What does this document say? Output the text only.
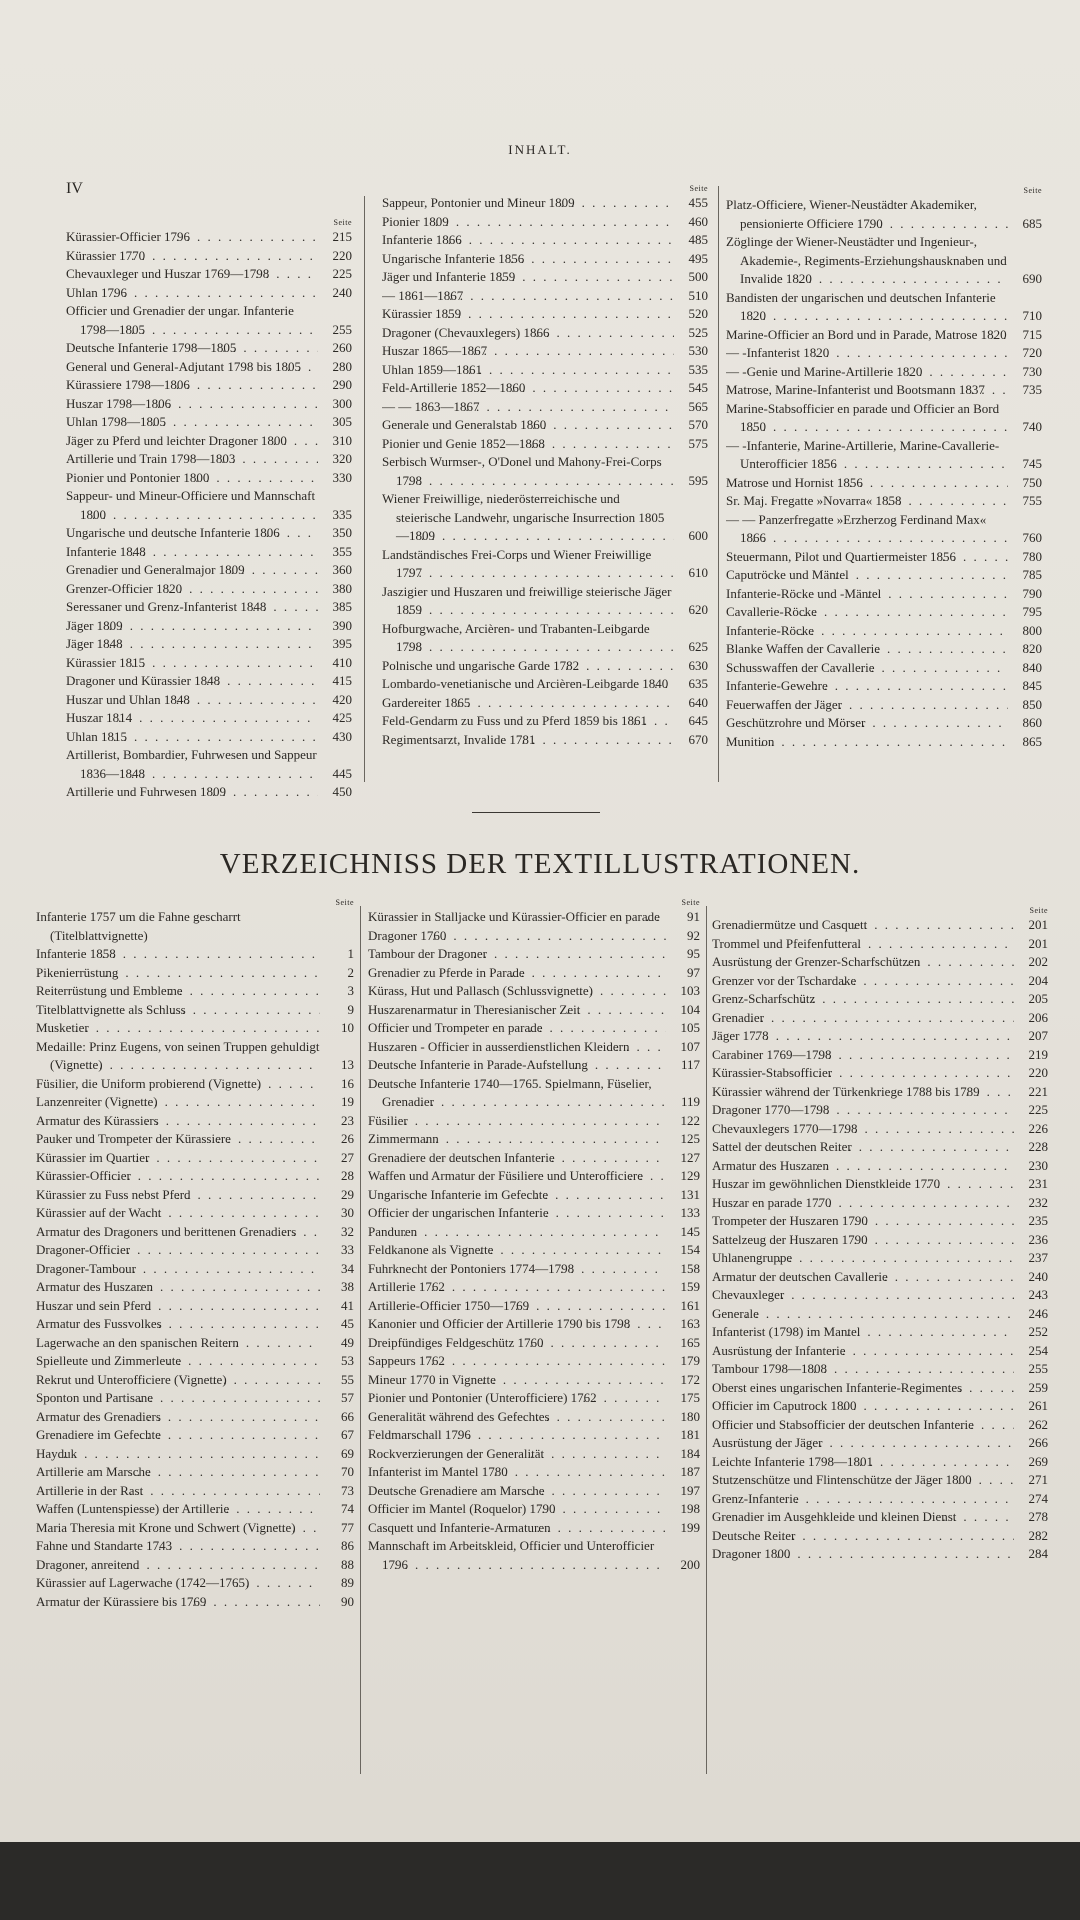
INHALT.
IV
Seite
Kürassier-Officier 1796 . . .	215
Kürassier 1770 . . .	220
Chevauxleger und Huszar 1769—1798 . . .	225
Uhlan 1796 . . .	240
Officier und Grenadier der ungar. Infanterie 1798—1805 . . .	255
Deutsche Infanterie 1798—1805 . . .	260
General und General-Adjutant 1798 bis 1805 . . .	280
Kürassiere 1798—1806 . . .	290
Huszar 1798—1806 . . .	300
Uhlan 1798—1805 . . .	305
Jäger zu Pferd und leichter Dragoner 1800 . . .	310
Artillerie und Train 1798—1803 . . .	320
Pionier und Pontonier 1800 . . .	330
Sappeur- und Mineur-Officiere und Mannschaft 1800 . . .	335
Ungarische und deutsche Infanterie 1806 . . .	350
Infanterie 1848 . . .	355
Grenadier und Generalmajor 1809 . . .	360
Grenzer-Officier 1820 . . .	380
Seressaner und Grenz-Infanterist 1848 . . .	385
Jäger 1809 . . .	390
Jäger 1848 . . .	395
Kürassier 1815 . . .	410
Dragoner und Kürassier 1848 . . .	415
Huszar und Uhlan 1848 . . .	420
Huszar 1814 . . .	425
Uhlan 1815 . . .	430
Artillerist, Bombardier, Fuhrwesen und Sappeur 1836—1848 . . .	445
Artillerie und Fuhrwesen 1809 . . .	450
Seite
Sappeur, Pontonier und Mineur 1809 . . .	455
Pionier 1809 . . .	460
Infanterie 1866 . . .	485
Ungarische Infanterie 1856 . . .	495
Jäger und Infanterie 1859 . . .	500
— 1861—1867 . . .	510
Kürassier 1859 . . .	520
Dragoner (Chevauxlegers) 1866 . . .	525
Huszar 1865—1867 . . .	530
Uhlan 1859—1861 . . .	535
Feld-Artillerie 1852—1860 . . .	545
— — 1863—1867 . . .	565
Generale und Generalstab 1860 . . .	570
Pionier und Genie 1852—1868 . . .	575
Serbisch Wurmser-, O'Donel und Mahony-Frei-Corps 1798 . . .	595
Wiener Freiwillige, niederösterreichische und steierische Landwehr, ungarische Insurrection 1805—1809 . . .	600
Landständisches Frei-Corps und Wiener Freiwillige 1797 . . .	610
Jaszigier und Huszaren und freiwillige steierische Jäger 1859 . . .	620
Hofburgwache, Arcièren- und Trabanten-Leibgarde 1798 . . .	625
Polnische und ungarische Garde 1782 . . .	630
Lombardo-venetianische und Arcièren-Leibgarde 1840 . . .	635
Gardereiter 1865 . . .	640
Feld-Gendarm zu Fuss und zu Pferd 1859 bis 1861 . . .	645
Regimentsarzt, Invalide 1781 . . .	670
Seite
Platz-Officiere, Wiener-Neustädter Akademiker, pensionierte Officiere 1790 . . .	685
Zöglinge der Wiener-Neustädter und Ingenieur-, Akademie-, Regiments-Erziehungshausknaben und Invalide 1820 . . .	690
Bandisten der ungarischen und deutschen Infanterie 1820 . . .	710
Marine-Officier an Bord und in Parade, Matrose 1820 . . .	715
— -Infanterist 1820 . . .	720
— -Genie und Marine-Artillerie 1820 . . .	730
Matrose, Marine-Infanterist und Bootsmann 1837 . . .	735
Marine-Stabsofficier en parade und Officier an Bord 1850 . . .	740
— -Infanterie, Marine-Artillerie, Marine-Cavallerie-Unterofficier 1856 . . .	745
Matrose und Hornist 1856 . . .	750
Sr. Maj. Fregatte »Novarra« 1858 . . .	755
— — Panzerfregatte »Erzherzog Ferdinand Max« 1866 . . .	760
Steuermann, Pilot und Quartiermeister 1856 . . .	780
Caputröcke und Mäntel . . .	785
Infanterie-Röcke und -Mäntel . . .	790
Cavallerie-Röcke . . .	795
Infanterie-Röcke . . .	800
Blanke Waffen der Cavallerie . . .	820
Schusswaffen der Cavallerie . . .	840
Infanterie-Gewehre . . .	845
Feuerwaffen der Jäger . . .	850
Geschützrohre und Mörser . . .	860
Munition . . .	865
VERZEICHNISS DER TEXTILLUSTRATIONEN.
Seite
Infanterie 1757 um die Fahne gescharrt (Titelblattvignette)
Infanterie 1858 . . .	1
Pikenierrüstung . . .	2
Reiterrüstung und Embleme . . .	3
Titelblattvignette als Schluss . . .	9
Musketier . . .	10
Medaille: Prinz Eugens, von seinen Truppen gehuldigt (Vignette) . . .	13
Füsilier, die Uniform probierend (Vignette) . . .	16
Lanzenreiter (Vignette) . . .	19
Armatur des Kürassiers . . .	23
Pauker und Trompeter der Kürassiere . . .	26
Kürassier im Quartier . . .	27
Kürassier-Officier . . .	28
Kürassier zu Fuss nebst Pferd . . .	29
Kürassier auf der Wacht . . .	30
Armatur des Dragoners und berittenen Grenadiers . . .	32
Dragoner-Officier . . .	33
Dragoner-Tambour . . .	34
Armatur des Huszaren . . .	38
Huszar und sein Pferd . . .	41
Armatur des Fussvolkes . . .	45
Lagerwache an den spanischen Reitern . . .	49
Spielleute und Zimmerleute . . .	53
Rekrut und Unterofficiere (Vignette) . . .	55
Sponton und Partisane . . .	57
Armatur des Grenadiers . . .	66
Grenadiere im Gefechte . . .	67
Hayduk . . .	69
Artillerie am Marsche . . .	70
Artillerie in der Rast . . .	73
Waffen (Luntenspiesse) der Artillerie . . .	74
Maria Theresia mit Krone und Schwert (Vignette) . . .	77
Fahne und Standarte 1743 . . .	86
Dragoner, anreitend . . .	88
Kürassier auf Lagerwache (1742—1765) . . .	89
Armatur der Kürassiere bis 1769 . . .	90
Seite
Kürassier in Stalljacke und Kürassier-Officier en parade . . .	91
Dragoner 1760 . . .	92
Tambour der Dragoner . . .	95
Grenadier zu Pferde in Parade . . .	97
Kürass, Hut und Pallasch (Schlussvignette) . . .	103
Huszarenarmatur in Theresianischer Zeit . . .	104
Officier und Trompeter en parade . . .	105
Huszaren - Officier in ausserdienstlichen Kleidern . . .	107
Deutsche Infanterie in Parade-Aufstellung . . .	117
Deutsche Infanterie 1740—1765. Spielmann, Füselier, Grenadier . . .	119
Füsilier . . .	122
Zimmermann . . .	125
Grenadiere der deutschen Infanterie . . .	127
Waffen und Armatur der Füsiliere und Unterofficiere . . .	129
Ungarische Infanterie im Gefechte . . .	131
Officier der ungarischen Infanterie . . .	133
Panduren . . .	145
Feldkanone als Vignette . . .	154
Fuhrknecht der Pontoniers 1774—1798 . . .	158
Artillerie 1762 . . .	159
Artillerie-Officier 1750—1769 . . .	161
Kanonier und Officier der Artillerie 1790 bis 1798 . . .	163
Dreipfündiges Feldgeschütz 1760 . . .	165
Sappeurs 1762 . . .	179
Mineur 1770 in Vignette . . .	172
Pionier und Pontonier (Unterofficiere) 1762 . . .	175
Generalität während des Gefechtes . . .	180
Feldmarschall 1796 . . .	181
Rockverzierungen der Generalität . . .	184
Infanterist im Mantel 1780 . . .	187
Deutsche Grenadiere am Marsche . . .	197
Officier im Mantel (Roquelor) 1790 . . .	198
Casquett und Infanterie-Armaturen . . .	199
Mannschaft im Arbeitskleid, Officier und Unterofficier 1796 . . .	200
Seite
Grenadiermütze und Casquett . . .	201
Trommel und Pfeifenfutteral . . .	201
Ausrüstung der Grenzer-Scharfschützen . . .	202
Grenzer vor der Tschardake . . .	204
Grenz-Scharfschütz . . .	205
Grenadier . . .	206
Jäger 1778 . . .	207
Carabiner 1769—1798 . . .	219
Kürassier-Stabsofficier . . .	220
Kürassier während der Türkenkriege 1788 bis 1789 . . .	221
Dragoner 1770—1798 . . .	225
Chevauxlegers 1770—1798 . . .	226
Sattel der deutschen Reiter . . .	228
Armatur des Huszaren . . .	230
Huszar im gewöhnlichen Dienstkleide 1770 . . .	231
Huszar en parade 1770 . . .	232
Trompeter der Huszaren 1790 . . .	235
Sattelzeug der Huszaren 1790 . . .	236
Uhlanengruppe . . .	237
Armatur der deutschen Cavallerie . . .	240
Chevauxleger . . .	243
Generale . . .	246
Infanterist (1798) im Mantel . . .	252
Ausrüstung der Infanterie . . .	254
Tambour 1798—1808 . . .	255
Oberst eines ungarischen Infanterie-Regimentes . . .	259
Officier im Caputrock 1800 . . .	261
Officier und Stabsofficier der deutschen Infanterie . . .	262
Ausrüstung der Jäger . . .	266
Leichte Infanterie 1798—1801 . . .	269
Stutzenschütze und Flintenschütze der Jäger 1800 . . .	271
Grenz-Infanterie . . .	274
Grenadier im Ausgehkleide und kleinen Dienst . . .	278
Deutsche Reiter . . .	282
Dragoner 1800 . . .	284
